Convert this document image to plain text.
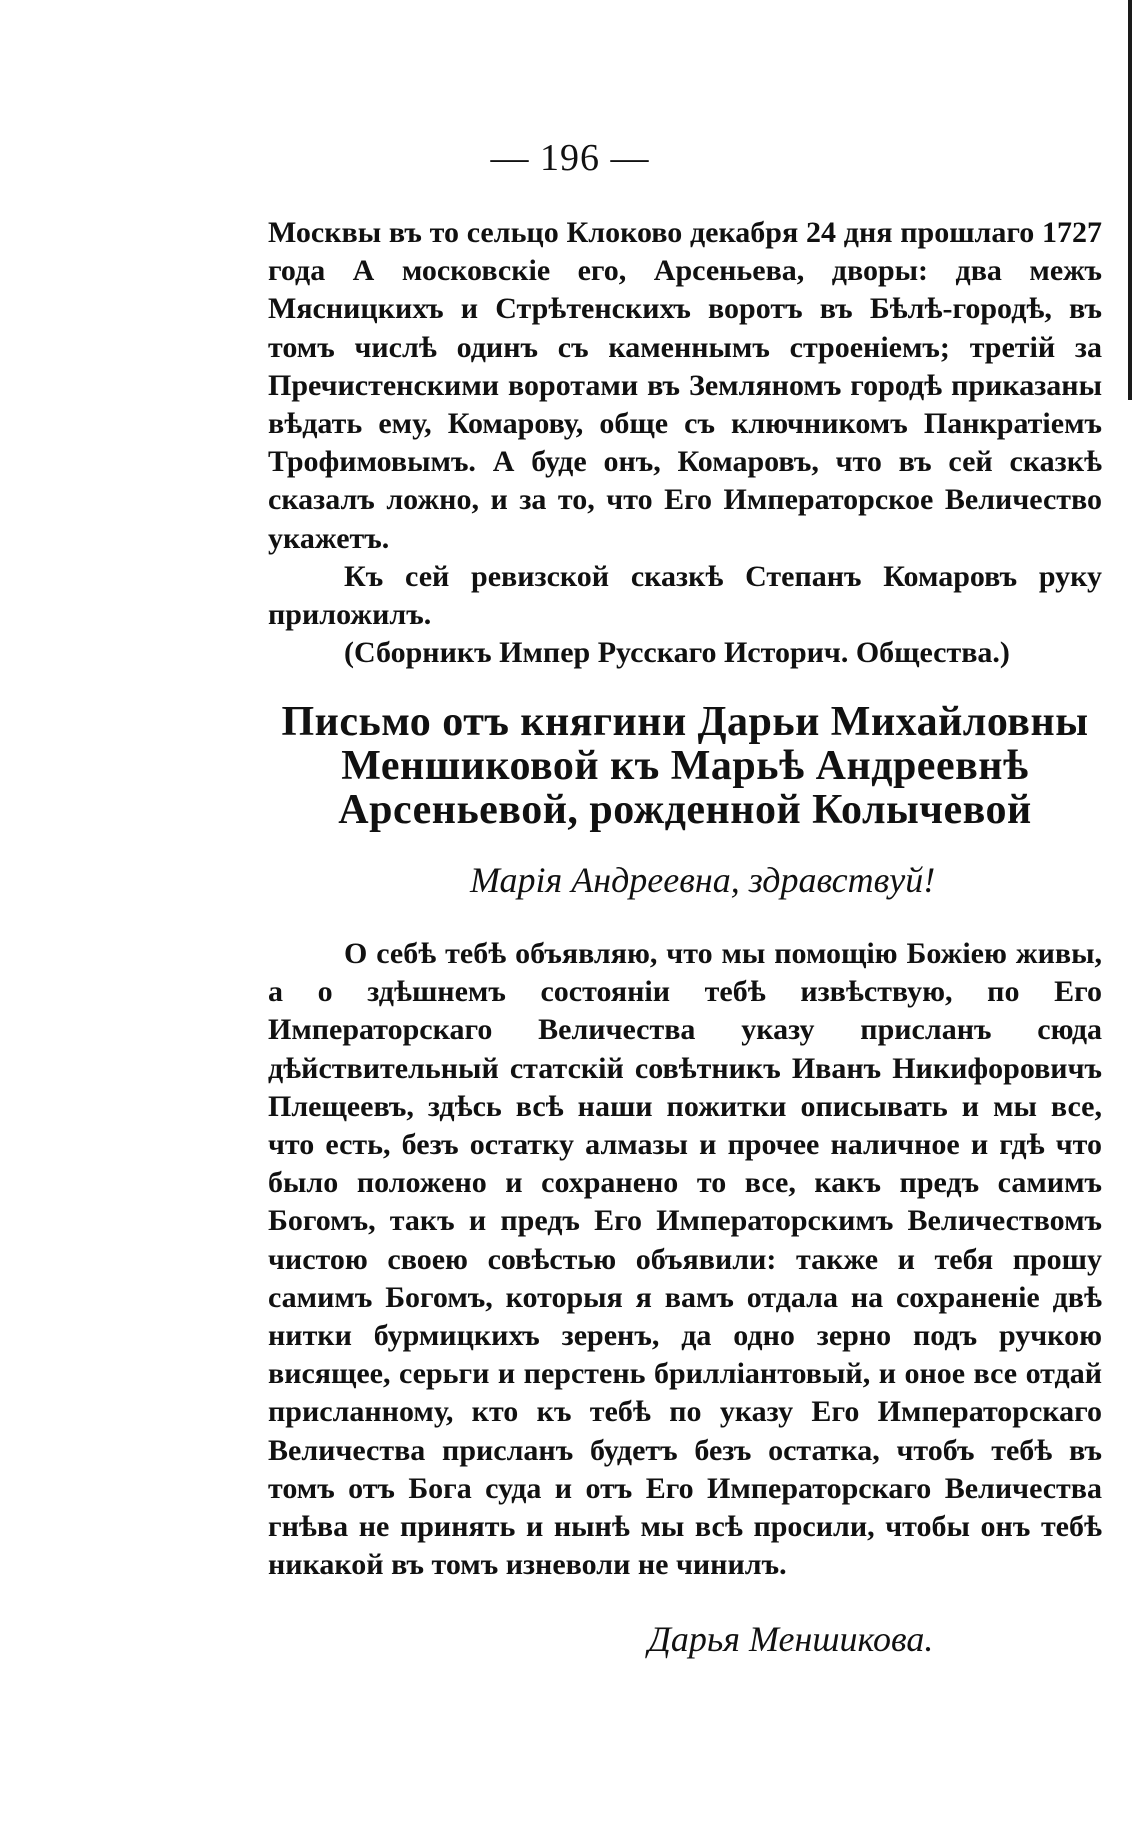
— 196 —

Москвы въ то сельцо Клоково декабря 24 дня прошлаго 1727 года А московскіе его, Арсеньева, дворы: два межъ Мясницкихъ и Стрѣтенскихъ воротъ въ Бѣлѣ-городѣ, въ томъ числѣ одинъ съ каменнымъ строеніемъ; третій за Пречистенскими воротами въ Земляномъ городѣ приказаны вѣдать ему, Комарову, обще съ ключникомъ Панкратіемъ Трофимовымъ. А буде онъ, Комаровъ, что въ сей сказкѣ сказалъ ложно, и за то, что Его Императорское Величество укажетъ.

Къ сей ревизской сказкѣ Степанъ Комаровъ руку приложилъ.

(Сборникъ Импер Русскаго Историч. Общества.)

Письмо отъ княгини Дарьи Михайловны Меншиковой къ Марьѣ Андреевнѣ Арсеньевой, рожденной Колычевой
Марія Андреевна, здравствуй!

О себѣ тебѣ объявляю, что мы помощію Божіею живы, а о здѣшнемъ состояніи тебѣ извѣствую, по Его Императорскаго Величества указу присланъ сюда дѣйствительный статскій совѣтникъ Иванъ Никифоровичъ Плещеевъ, здѣсь всѣ наши пожитки описывать и мы все, что есть, безъ остатку алмазы и прочее наличное и гдѣ что было положено и сохранено то все, какъ предъ самимъ Богомъ, такъ и предъ Его Императорскимъ Величествомъ чистою своею совѣстью объявили: также и тебя прошу самимъ Богомъ, которыя я вамъ отдала на сохраненіе двѣ нитки бурмицкихъ зеренъ, да одно зерно подъ ручкою висящее, серьги и перстень брилліантовый, и оное все отдай присланному, кто къ тебѣ по указу Его Императорскаго Величества присланъ будетъ безъ остатка, чтобъ тебѣ въ томъ отъ Бога суда и отъ Его Императорскаго Величества гнѣва не принять и нынѣ мы всѣ просили, чтобы онъ тебѣ никакой въ томъ изневоли не чинилъ.

Дарья Меншикова.
